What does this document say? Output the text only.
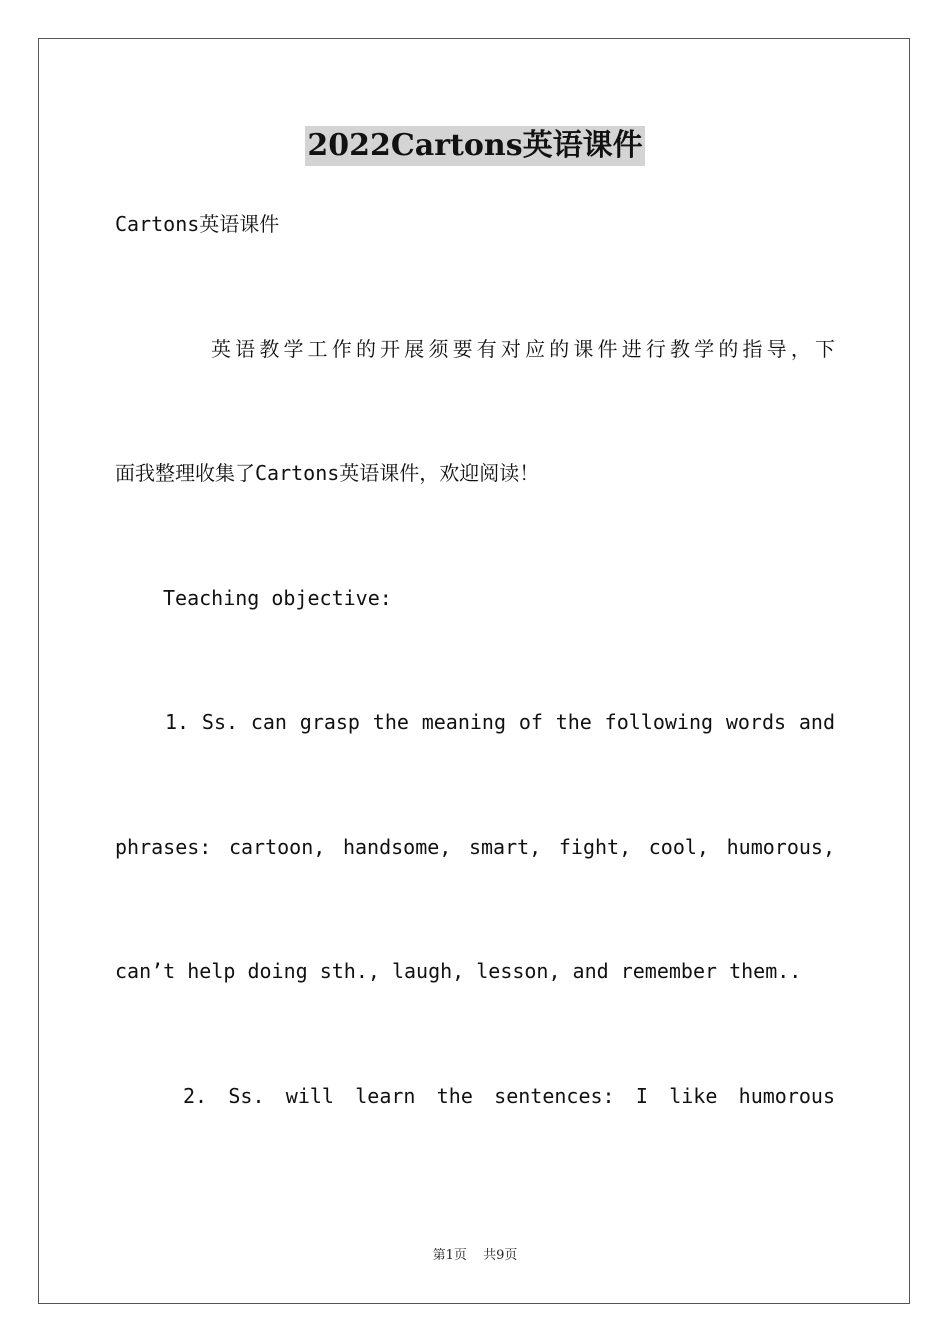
2022Cartons英语课件
Cartons英语课件
英语教学工作的开展须要有对应的课件进行教学的指导，下
面我整理收集了Cartons英语课件，欢迎阅读！
Teaching objective:
1. Ss. can grasp the meaning of the following words and
phrases: cartoon, handsome, smart, fight, cool, humorous,
can’t help doing sth., laugh, lesson, and remember them..
2. Ss. will learn the sentences: I like humorous
第1页 共9页
